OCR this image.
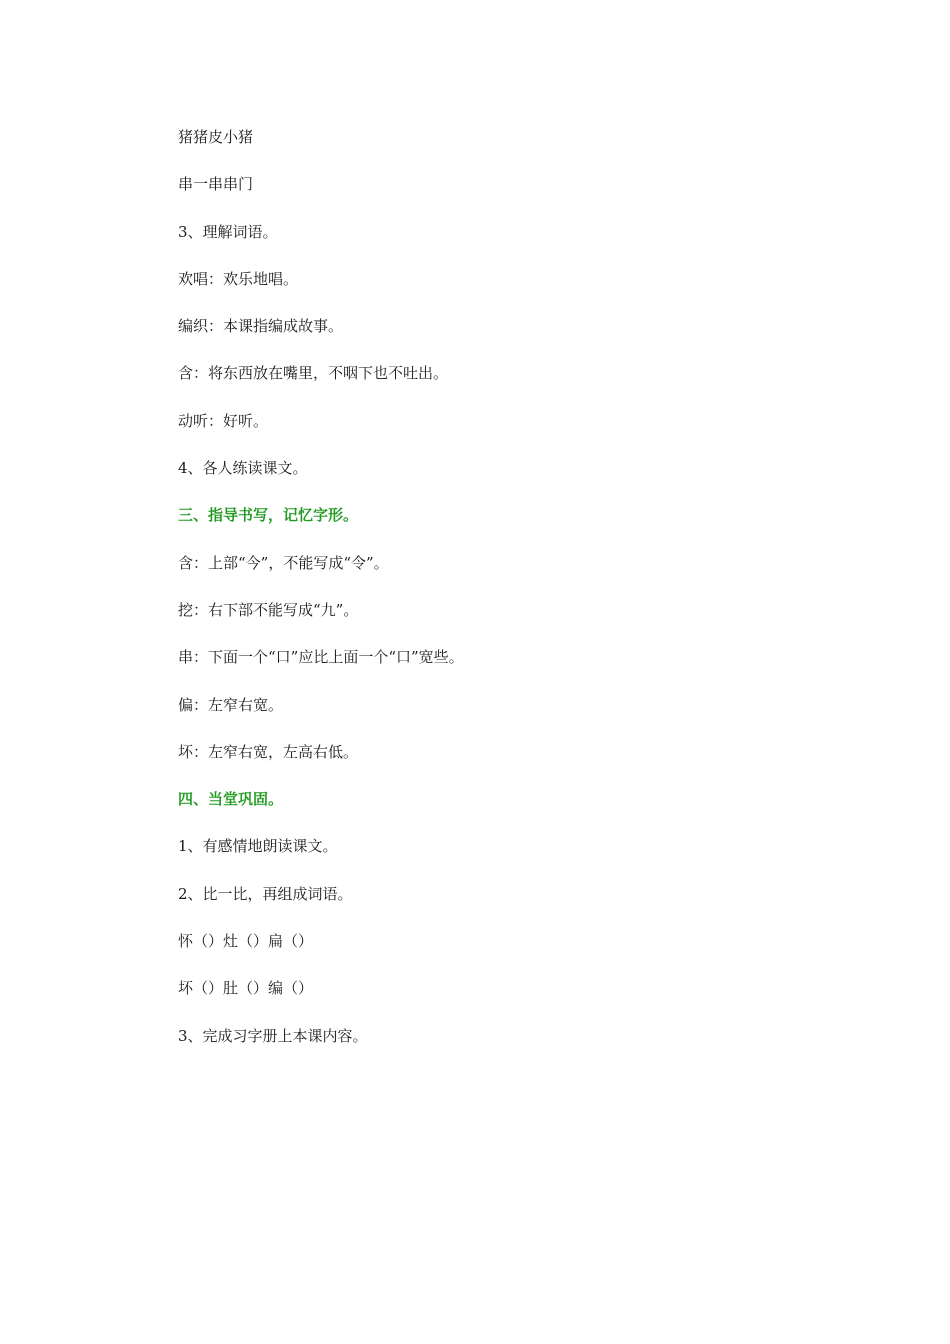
猪猪皮小猪
串一串串门
3、理解词语。
欢唱：欢乐地唱。
编织：本课指编成故事。
含：将东西放在嘴里，不咽下也不吐出。
动听：好听。
4、各人练读课文。
三、指导书写，记忆字形。
含：上部“今”，不能写成“令”。
挖：右下部不能写成“九”。
串：下面一个“口”应比上面一个“口”宽些。
偏：左窄右宽。
坏：左窄右宽，左高右低。
四、当堂巩固。
1、有感情地朗读课文。
2、比一比，再组成词语。
怀（）灶（）扁（）
坏（）肚（）编（）
3、完成习字册上本课内容。
